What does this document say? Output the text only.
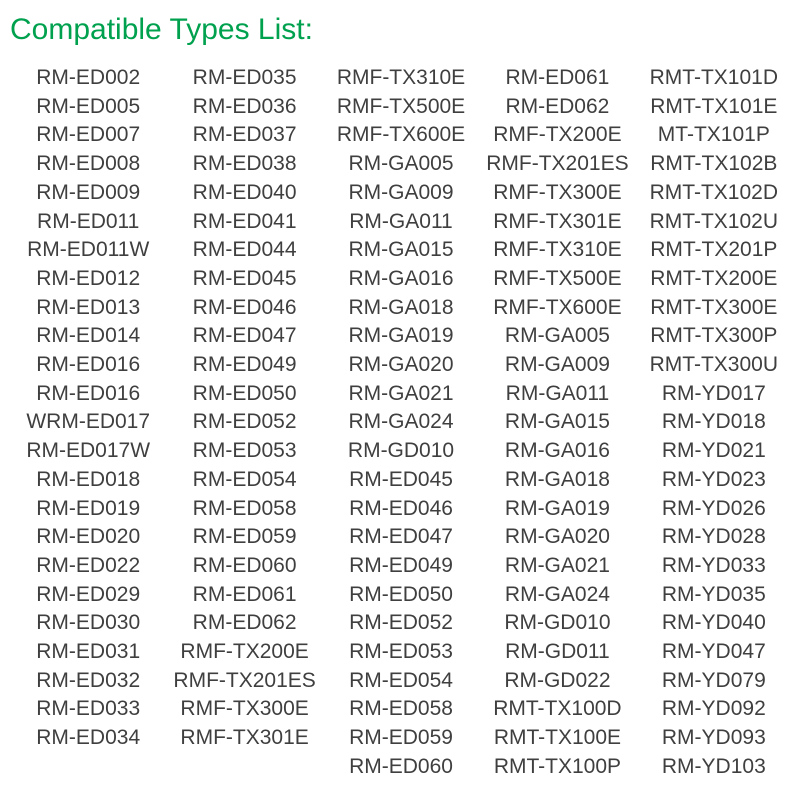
Compatible Types List:
RM-ED002
RM-ED005
RM-ED007
RM-ED008
RM-ED009
RM-ED011
RM-ED011W
RM-ED012
RM-ED013
RM-ED014
RM-ED016
RM-ED016
WRM-ED017
RM-ED017W
RM-ED018
RM-ED019
RM-ED020
RM-ED022
RM-ED029
RM-ED030
RM-ED031
RM-ED032
RM-ED033
RM-ED034
RM-ED035
RM-ED036
RM-ED037
RM-ED038
RM-ED040
RM-ED041
RM-ED044
RM-ED045
RM-ED046
RM-ED047
RM-ED049
RM-ED050
RM-ED052
RM-ED053
RM-ED054
RM-ED058
RM-ED059
RM-ED060
RM-ED061
RM-ED062
RMF-TX200E
RMF-TX201ES
RMF-TX300E
RMF-TX301E
RMF-TX310E
RMF-TX500E
RMF-TX600E
RM-GA005
RM-GA009
RM-GA011
RM-GA015
RM-GA016
RM-GA018
RM-GA019
RM-GA020
RM-GA021
RM-GA024
RM-GD010
RM-ED045
RM-ED046
RM-ED047
RM-ED049
RM-ED050
RM-ED052
RM-ED053
RM-ED054
RM-ED058
RM-ED059
RM-ED060
RM-ED061
RM-ED062
RMF-TX200E
RMF-TX201ES
RMF-TX300E
RMF-TX301E
RMF-TX310E
RMF-TX500E
RMF-TX600E
RM-GA005
RM-GA009
RM-GA011
RM-GA015
RM-GA016
RM-GA018
RM-GA019
RM-GA020
RM-GA021
RM-GA024
RM-GD010
RM-GD011
RM-GD022
RMT-TX100D
RMT-TX100E
RMT-TX100P
RMT-TX101D
RMT-TX101E
MT-TX101P
RMT-TX102B
RMT-TX102D
RMT-TX102U
RMT-TX201P
RMT-TX200E
RMT-TX300E
RMT-TX300P
RMT-TX300U
RM-YD017
RM-YD018
RM-YD021
RM-YD023
RM-YD026
RM-YD028
RM-YD033
RM-YD035
RM-YD040
RM-YD047
RM-YD079
RM-YD092
RM-YD093
RM-YD103
